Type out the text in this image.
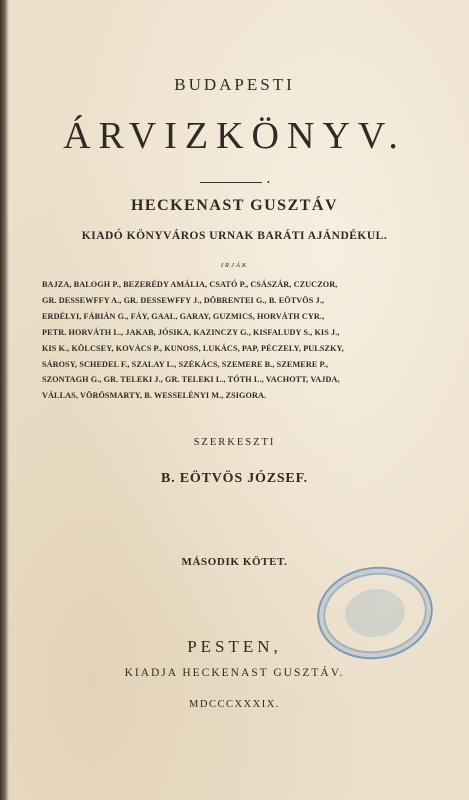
BUDAPESTI
ÁRVIZKÖNYV.
•
HECKENAST GUSZTÁV
KIADÓ KÖNYVÁROS URNAK BARÁTI AJÁNDÉKUL.
IRJÁK
BAJZA, BALOGH P., BEZERÉDY AMÁLIA, CSATÓ P., CSÁSZÁR, CZUCZOR,
GR. DESSEWFFY A., GR. DESSEWFFY J., DÖBRENTEI G., B. EÖTVÖS J.,
ERDÉLYI, FÁBIÁN G., FÁY, GAAL, GARAY, GUZMICS, HORVÁTH CYR.,
PETR. HORVÁTH L., JAKAB, JÓSIKA, KAZINCZY G., KISFALUDY S., KIS J.,
KIS K., KÖLCSEY, KOVÁCS P., KUNOSS, LUKÁCS, PAP, PÉCZELY, PULSZKY,
SÁROSY, SCHEDEL F., SZALAY L., SZÉKÁCS, SZEMERE B., SZEMERE P.,
SZONTAGH G., GR. TELEKI J., GR. TELEKI L., TÓTH L., VACHOTT, VAJDA,
VÁLLAS, VÖRÖSMARTY, B. WESSELÉNYI M., ZSIGORA.
SZERKESZTI
B. EÖTVÖS JÓZSEF.
MÁSODIK KÖTET.
PESTEN,
KIADJA HECKENAST GUSZTÁV.
MDCCCXXXIX.
